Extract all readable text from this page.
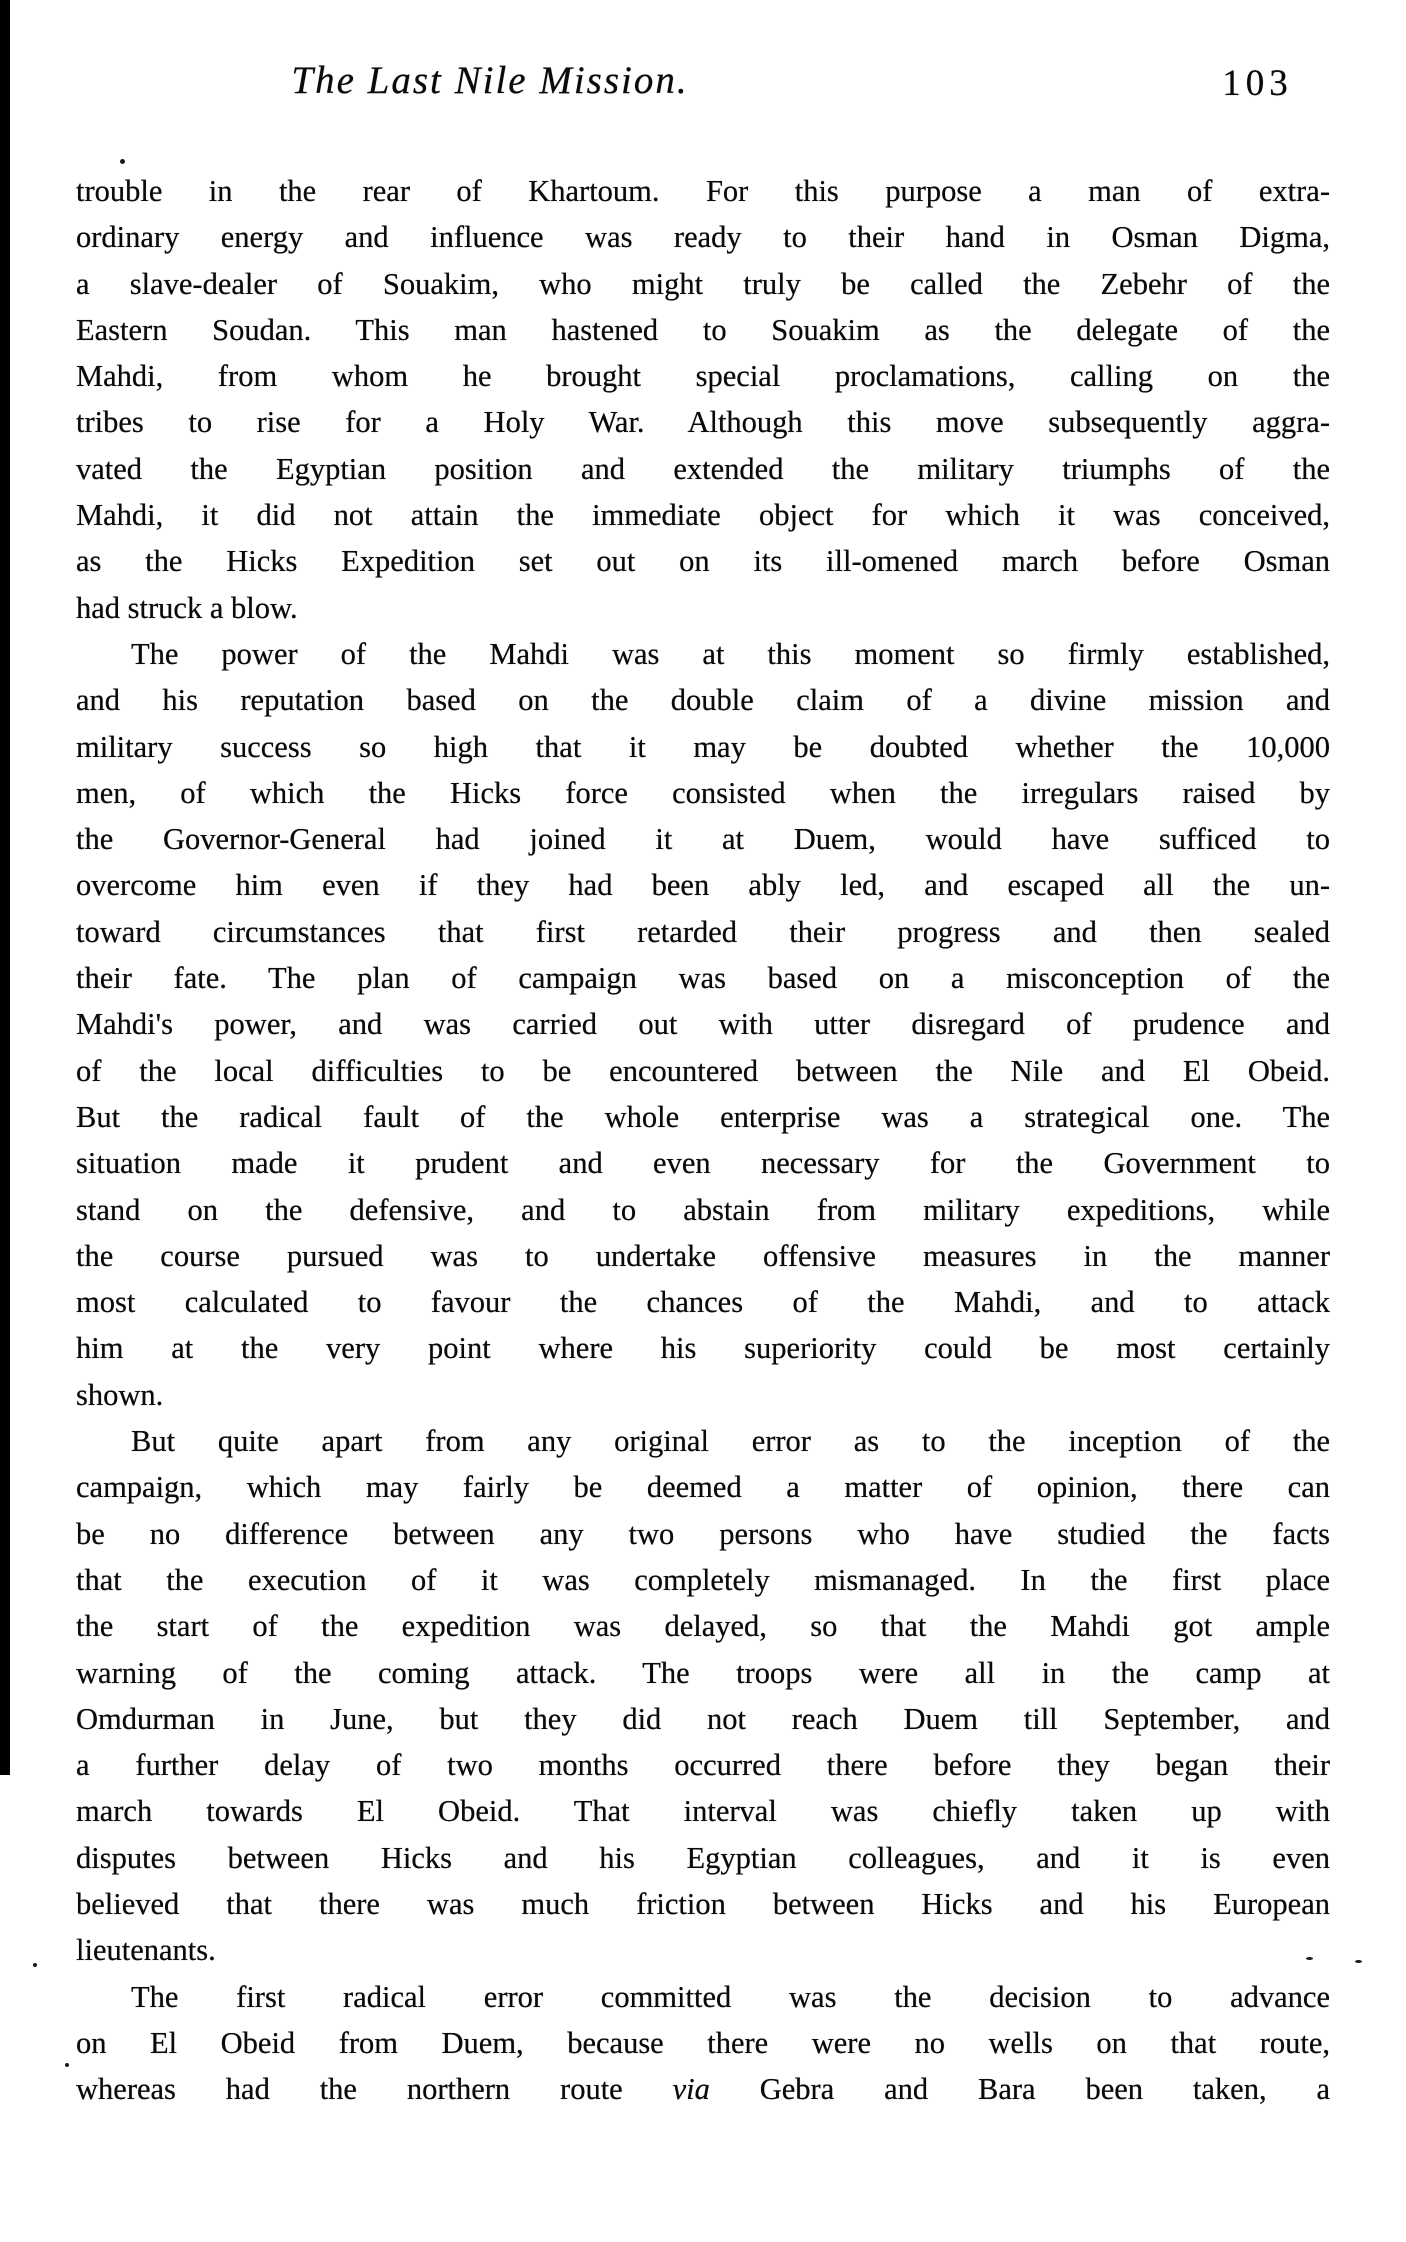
The Last Nile Mission.	103
trouble in the rear of Khartoum. For this purpose a man of extra-
ordinary energy and influence was ready to their hand in Osman Digma,
a slave-dealer of Souakim, who might truly be called the Zebehr of the
Eastern Soudan. This man hastened to Souakim as the delegate of the
Mahdi, from whom he brought special proclamations, calling on the
tribes to rise for a Holy War. Although this move subsequently aggra-
vated the Egyptian position and extended the military triumphs of the
Mahdi, it did not attain the immediate object for which it was conceived,
as the Hicks Expedition set out on its ill-omened march before Osman
had struck a blow.
The power of the Mahdi was at this moment so firmly established,
and his reputation based on the double claim of a divine mission and
military success so high that it may be doubted whether the 10,000
men, of which the Hicks force consisted when the irregulars raised by
the Governor-General had joined it at Duem, would have sufficed to
overcome him even if they had been ably led, and escaped all the un-
toward circumstances that first retarded their progress and then sealed
their fate. The plan of campaign was based on a misconception of the
Mahdi's power, and was carried out with utter disregard of prudence and
of the local difficulties to be encountered between the Nile and El Obeid.
But the radical fault of the whole enterprise was a strategical one. The
situation made it prudent and even necessary for the Government to
stand on the defensive, and to abstain from military expeditions, while
the course pursued was to undertake offensive measures in the manner
most calculated to favour the chances of the Mahdi, and to attack
him at the very point where his superiority could be most certainly
shown.
But quite apart from any original error as to the inception of the
campaign, which may fairly be deemed a matter of opinion, there can
be no difference between any two persons who have studied the facts
that the execution of it was completely mismanaged. In the first place
the start of the expedition was delayed, so that the Mahdi got ample
warning of the coming attack. The troops were all in the camp at
Omdurman in June, but they did not reach Duem till September, and
a further delay of two months occurred there before they began their
march towards El Obeid. That interval was chiefly taken up with
disputes between Hicks and his Egyptian colleagues, and it is even
believed that there was much friction between Hicks and his European
lieutenants.
The first radical error committed was the decision to advance
on El Obeid from Duem, because there were no wells on that route,
whereas had the northern route via Gebra and Bara been taken, a
